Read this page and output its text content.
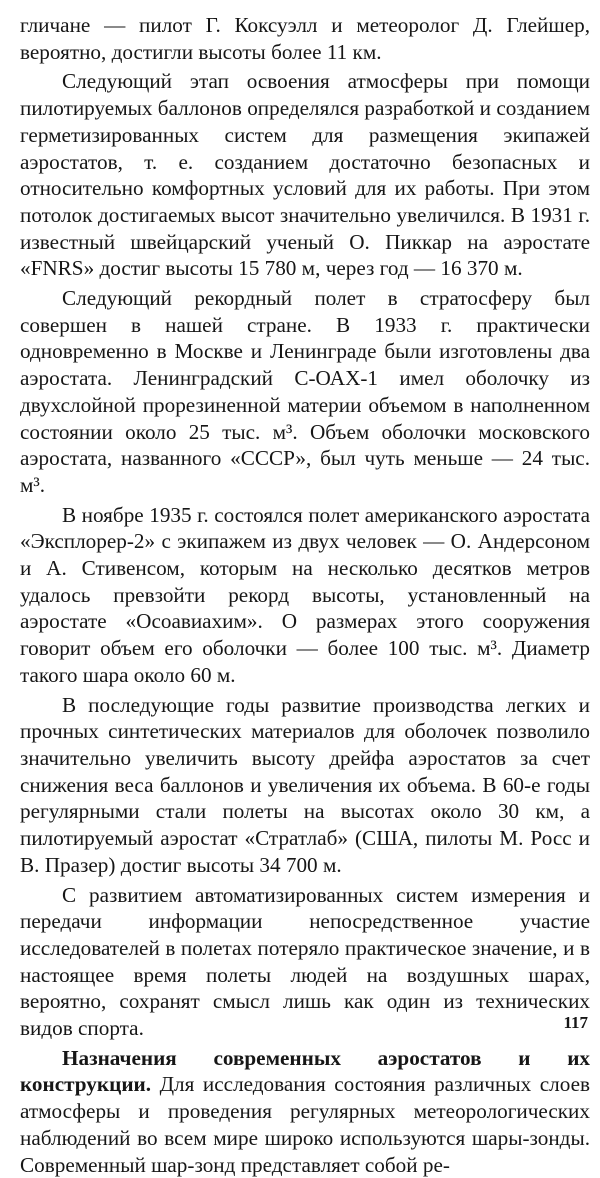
гличане — пилот Г. Коксуэлл и метеоролог Д. Глейшер, вероятно, достигли высоты более 11 км.

Следующий этап освоения атмосферы при помощи пилотируемых баллонов определялся разработкой и созданием герметизированных систем для размещения экипажей аэростатов, т. е. созданием достаточно безопасных и относительно комфортных условий для их работы. При этом потолок достигаемых высот значительно увеличился. В 1931 г. известный швейцарский ученый О. Пиккар на аэростате «FNRS» достиг высоты 15 780 м, через год — 16 370 м.

Следующий рекордный полет в стратосферу был совершен в нашей стране. В 1933 г. практически одновременно в Москве и Ленинграде были изготовлены два аэростата. Ленинградский С-ОАХ-1 имел оболочку из двухслойной прорезиненной материи объемом в наполненном состоянии около 25 тыс. м³. Объем оболочки московского аэростата, названного «СССР», был чуть меньше — 24 тыс. м³.

В ноябре 1935 г. состоялся полет американского аэростата «Эксплорер-2» с экипажем из двух человек — О. Андерсоном и А. Стивенсом, которым на несколько десятков метров удалось превзойти рекорд высоты, установленный на аэростате «Осоавиахим». О размерах этого сооружения говорит объем его оболочки — более 100 тыс. м³. Диаметр такого шара около 60 м.

В последующие годы развитие производства легких и прочных синтетических материалов для оболочек позволило значительно увеличить высоту дрейфа аэростатов за счет снижения веса баллонов и увеличения их объема. В 60-е годы регулярными стали полеты на высотах около 30 км, а пилотируемый аэростат «Стратлаб» (США, пилоты М. Росс и В. Празер) достиг высоты 34 700 м.

С развитием автоматизированных систем измерения и передачи информации непосредственное участие исследователей в полетах потеряло практическое значение, и в настоящее время полеты людей на воздушных шарах, вероятно, сохранят смысл лишь как один из технических видов спорта.

Назначения современных аэростатов и их конструкции. Для исследования состояния различных слоев атмосферы и проведения регулярных метеорологических наблюдений во всем мире широко используются шары-зонды. Современный шар-зонд представляет собой ре-

117
